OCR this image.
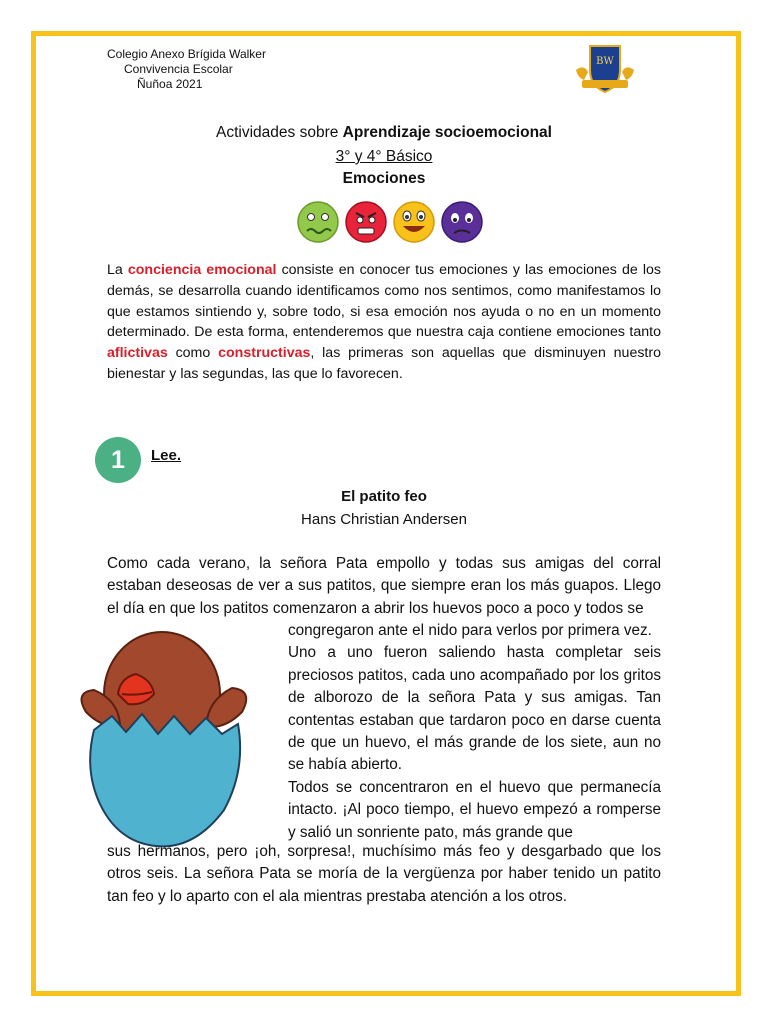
Colegio Anexo Brígida Walker
Convivencia Escolar
Ñuñoa 2021
BW
Actividades sobre Aprendizaje socioemocional
3° y 4° Básico
Emociones
La conciencia emocional consiste en conocer tus emociones y las emociones de los demás, se desarrolla cuando identificamos como nos sentimos, como manifestamos lo que estamos sintiendo y, sobre todo, si esa emoción nos ayuda o no en un momento determinado. De esta forma, entenderemos que nuestra caja contiene emociones tanto aflictivas como constructivas, las primeras son aquellas que disminuyen nuestro bienestar y las segundas, las que lo favorecen.
1	Lee.
El patito feo
Hans Christian Andersen
Como cada verano, la señora Pata empollo y todas sus amigas del corral estaban deseosas de ver a sus patitos, que siempre eran los más guapos. Llego el día en que los patitos comenzaron a abrir los huevos poco a poco y todos se
congregaron ante el nido para verlos por primera vez.
Uno a uno fueron saliendo hasta completar seis preciosos patitos, cada uno acompañado por los gritos de alborozo de la señora Pata y sus amigas. Tan contentas estaban que tardaron poco en darse cuenta de que un huevo, el más grande de los siete, aun no se había abierto.
Todos se concentraron en el huevo que permanecía intacto. ¡Al poco tiempo, el huevo empezó a romperse y salió un sonriente pato, más grande que
sus hermanos, pero ¡oh, sorpresa!, muchísimo más feo y desgarbado que los otros seis. La señora Pata se moría de la vergüenza por haber tenido un patito tan feo y lo aparto con el ala mientras prestaba atención a los otros.
